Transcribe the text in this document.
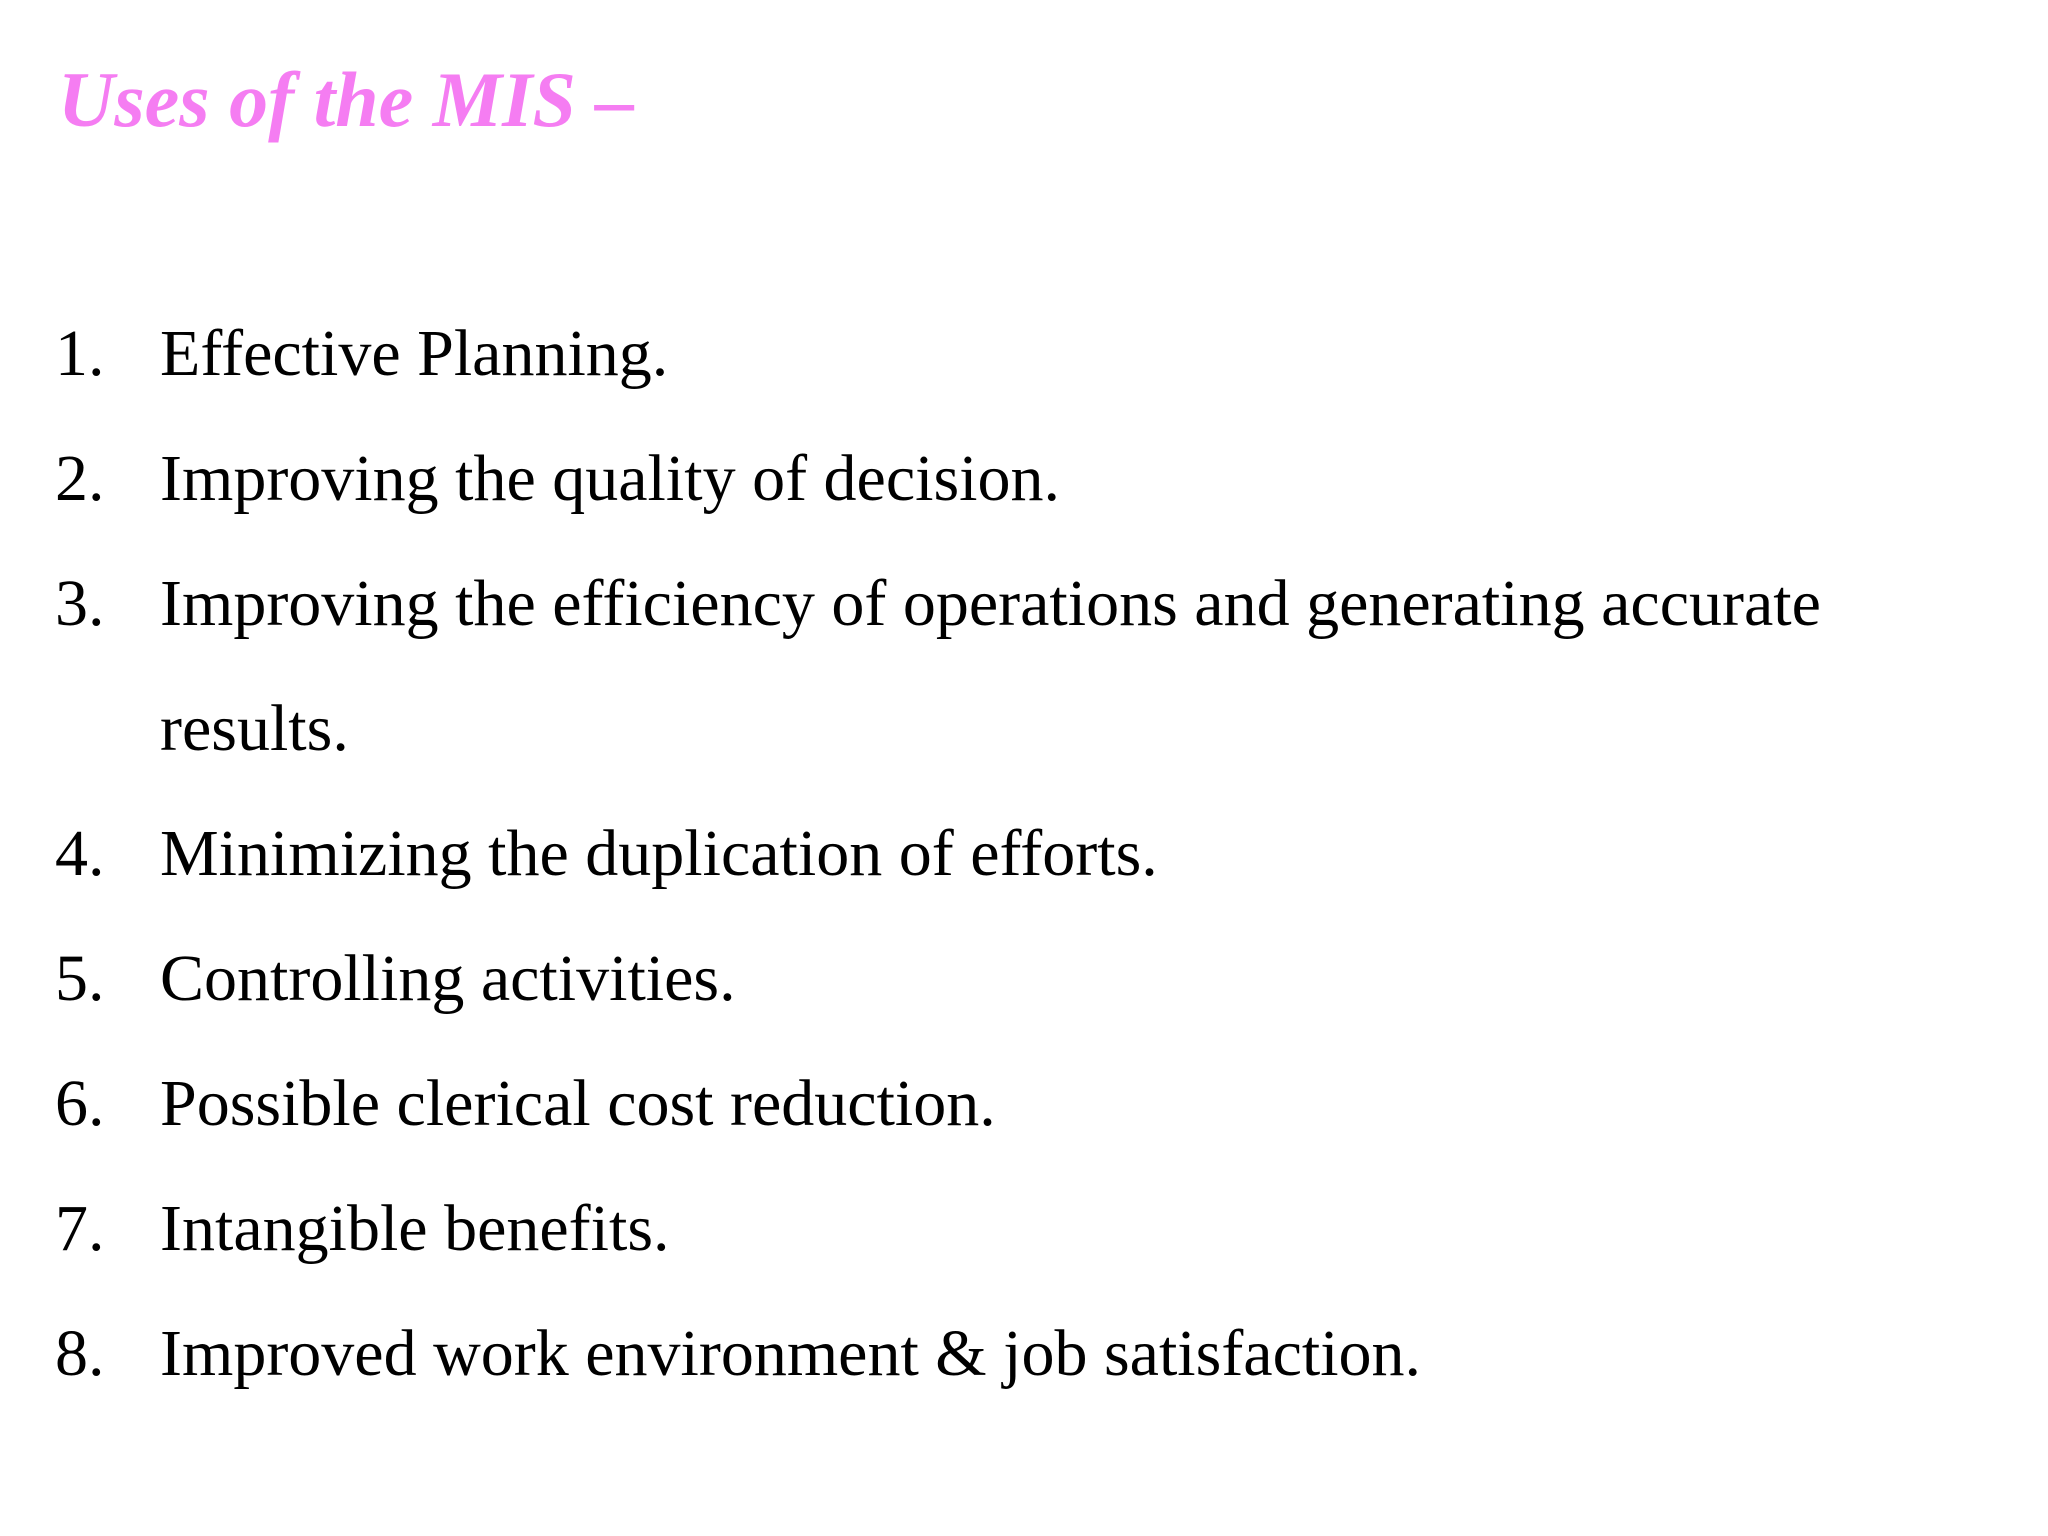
Uses of the MIS –
1. Effective Planning.
2. Improving the quality of decision.
3. Improving the efficiency of operations and generating accurate
results.
4. Minimizing the duplication of efforts.
5. Controlling activities.
6. Possible clerical cost reduction.
7. Intangible benefits.
8. Improved work environment & job satisfaction.
